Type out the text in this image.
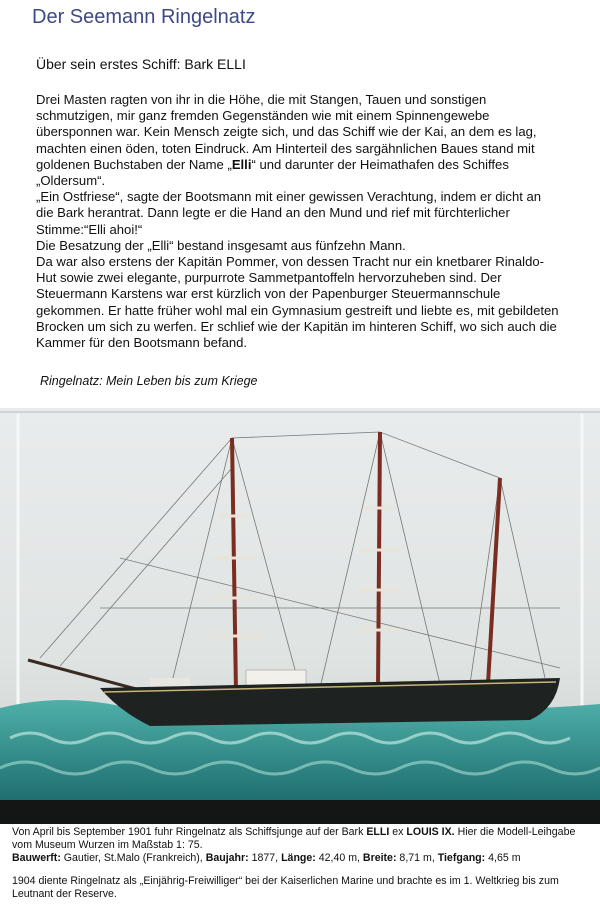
Der Seemann Ringelnatz
Über sein erstes Schiff: Bark ELLI

Drei Masten ragten von ihr in die Höhe, die mit Stangen, Tauen und sonstigen schmutzigen, mir ganz fremden Gegenständen wie mit einem Spinnengewebe übersponnen war. Kein Mensch zeigte sich, und das Schiff wie der Kai, an dem es lag, machten einen öden, toten Eindruck. Am Hinterteil des sargähnlichen Baues stand mit goldenen Buchstaben der Name „Elli“ und darunter der Heimathafen des Schiffes „Oldersum“.

„Ein Ostfriese“, sagte der Bootsmann mit einer gewissen Verachtung, indem er dicht an die Bark herantrat. Dann legte er die Hand an den Mund und rief mit fürchterlicher Stimme:“Elli ahoi!“

Die Besatzung der „Elli“ bestand insgesamt aus fünfzehn Mann.

Da war also erstens der Kapitän Pommer, von dessen Tracht nur ein knetbarer Rinaldo-Hut sowie zwei elegante, purpurrote Sammetpantoffeln hervorzuheben sind. Der Steuermann Karstens war erst kürzlich von der Papenburger Steuermannschule gekommen. Er hatte früher wohl mal ein Gymnasium gestreift und liebte es, mit gebildeten Brocken um sich zu werfen. Er schlief wie der Kapitän im hinteren Schiff, wo sich auch die Kammer für den Bootsmann befand.

Ringelnatz: Mein Leben bis zum Kriege

Von April bis September 1901 fuhr Ringelnatz als Schiffsjunge auf der Bark ELLI ex LOUIS IX. Hier die Modell-Leihgabe vom Museum Wurzen im Maßstab 1: 75.

Bauwerft: Gautier, St.Malo (Frankreich), Baujahr: 1877, Länge: 42,40 m, Breite: 8,71 m, Tiefgang: 4,65 m

1904 diente Ringelnatz als „Einjährig-Freiwilliger“ bei der Kaiserlichen Marine und brachte es im 1. Weltkrieg bis zum Leutnant der Reserve.
